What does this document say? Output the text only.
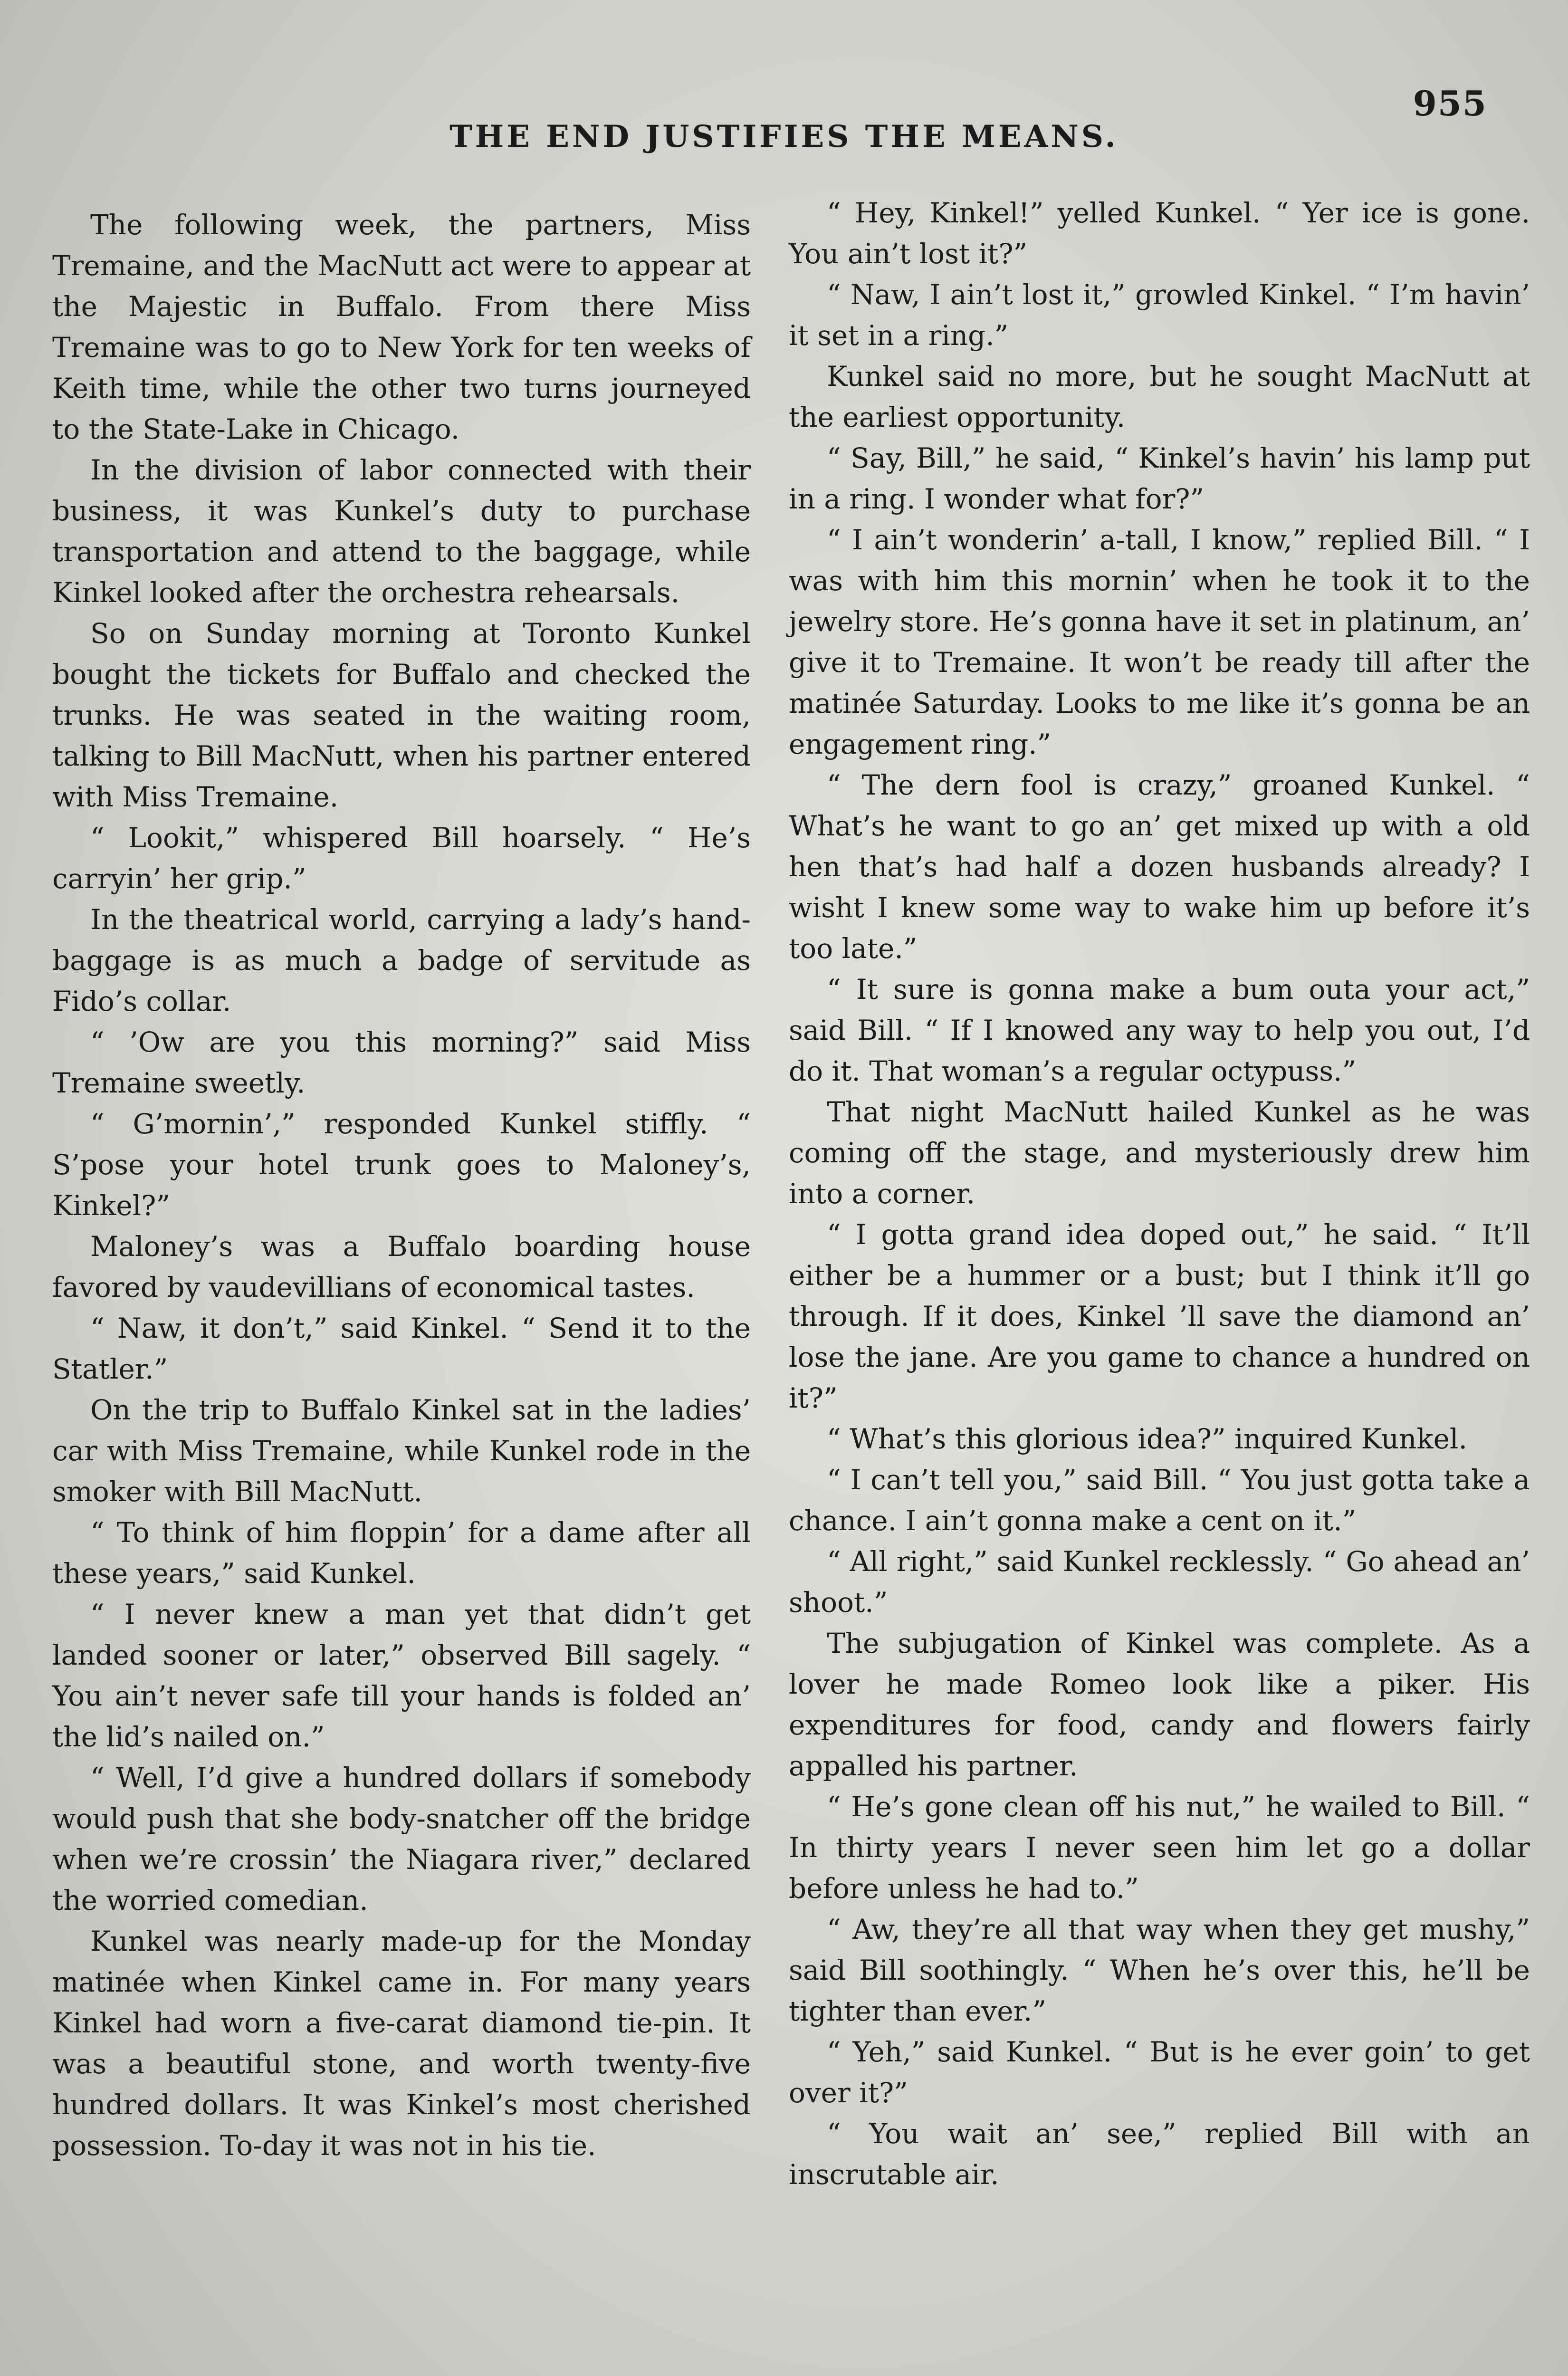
955
THE END JUSTIFIES THE MEANS.

The following week, the partners, Miss Tremaine, and the MacNutt act were to appear at the Majestic in Buffalo. From there Miss Tremaine was to go to New York for ten weeks of Keith time, while the other two turns journeyed to the State-Lake in Chicago.

In the division of labor connected with their business, it was Kunkel’s duty to purchase transportation and attend to the baggage, while Kinkel looked after the orchestra rehearsals.

So on Sunday morning at Toronto Kunkel bought the tickets for Buffalo and checked the trunks. He was seated in the waiting room, talking to Bill MacNutt, when his partner entered with Miss Tremaine.

“ Lookit,” whispered Bill hoarsely. “ He’s carryin’ her grip.”

In the theatrical world, carrying a lady’s hand-baggage is as much a badge of servitude as Fido’s collar.

“ ’Ow are you this morning?” said Miss Tremaine sweetly.

“ G’mornin’,” responded Kunkel stiffly. “ S’pose your hotel trunk goes to Maloney’s, Kinkel?”

Maloney’s was a Buffalo boarding house favored by vaudevillians of economical tastes.

“ Naw, it don’t,” said Kinkel. “ Send it to the Statler.”

On the trip to Buffalo Kinkel sat in the ladies’ car with Miss Tremaine, while Kunkel rode in the smoker with Bill MacNutt.

“ To think of him floppin’ for a dame after all these years,” said Kunkel.

“ I never knew a man yet that didn’t get landed sooner or later,” observed Bill sagely. “ You ain’t never safe till your hands is folded an’ the lid’s nailed on.”

“ Well, I’d give a hundred dollars if somebody would push that she body-snatcher off the bridge when we’re crossin’ the Niagara river,” declared the worried comedian.

Kunkel was nearly made-up for the Monday matinée when Kinkel came in. For many years Kinkel had worn a five-carat diamond tie-pin. It was a beautiful stone, and worth twenty-five hundred dollars. It was Kinkel’s most cherished possession. To-day it was not in his tie.

“ Hey, Kinkel!” yelled Kunkel. “ Yer ice is gone. You ain’t lost it?”

“ Naw, I ain’t lost it,” growled Kinkel. “ I’m havin’ it set in a ring.”

Kunkel said no more, but he sought MacNutt at the earliest opportunity.

“ Say, Bill,” he said, “ Kinkel’s havin’ his lamp put in a ring. I wonder what for?”

“ I ain’t wonderin’ a-tall, I know,” replied Bill. “ I was with him this mornin’ when he took it to the jewelry store. He’s gonna have it set in platinum, an’ give it to Tremaine. It won’t be ready till after the matinée Saturday. Looks to me like it’s gonna be an engagement ring.”

“ The dern fool is crazy,” groaned Kunkel. “ What’s he want to go an’ get mixed up with a old hen that’s had half a dozen husbands already? I wisht I knew some way to wake him up before it’s too late.”

“ It sure is gonna make a bum outa your act,” said Bill. “ If I knowed any way to help you out, I’d do it. That woman’s a regular octypuss.”

That night MacNutt hailed Kunkel as he was coming off the stage, and mysteriously drew him into a corner.

“ I gotta grand idea doped out,” he said. “ It’ll either be a hummer or a bust; but I think it’ll go through. If it does, Kinkel ’ll save the diamond an’ lose the jane. Are you game to chance a hundred on it?”

“ What’s this glorious idea?” inquired Kunkel.

“ I can’t tell you,” said Bill. “ You just gotta take a chance. I ain’t gonna make a cent on it.”

“ All right,” said Kunkel recklessly. “ Go ahead an’ shoot.”

The subjugation of Kinkel was complete. As a lover he made Romeo look like a piker. His expenditures for food, candy and flowers fairly appalled his partner.

“ He’s gone clean off his nut,” he wailed to Bill. “ In thirty years I never seen him let go a dollar before unless he had to.”

“ Aw, they’re all that way when they get mushy,” said Bill soothingly. “ When he’s over this, he’ll be tighter than ever.”

“ Yeh,” said Kunkel. “ But is he ever goin’ to get over it?”

“ You wait an’ see,” replied Bill with an inscrutable air.
